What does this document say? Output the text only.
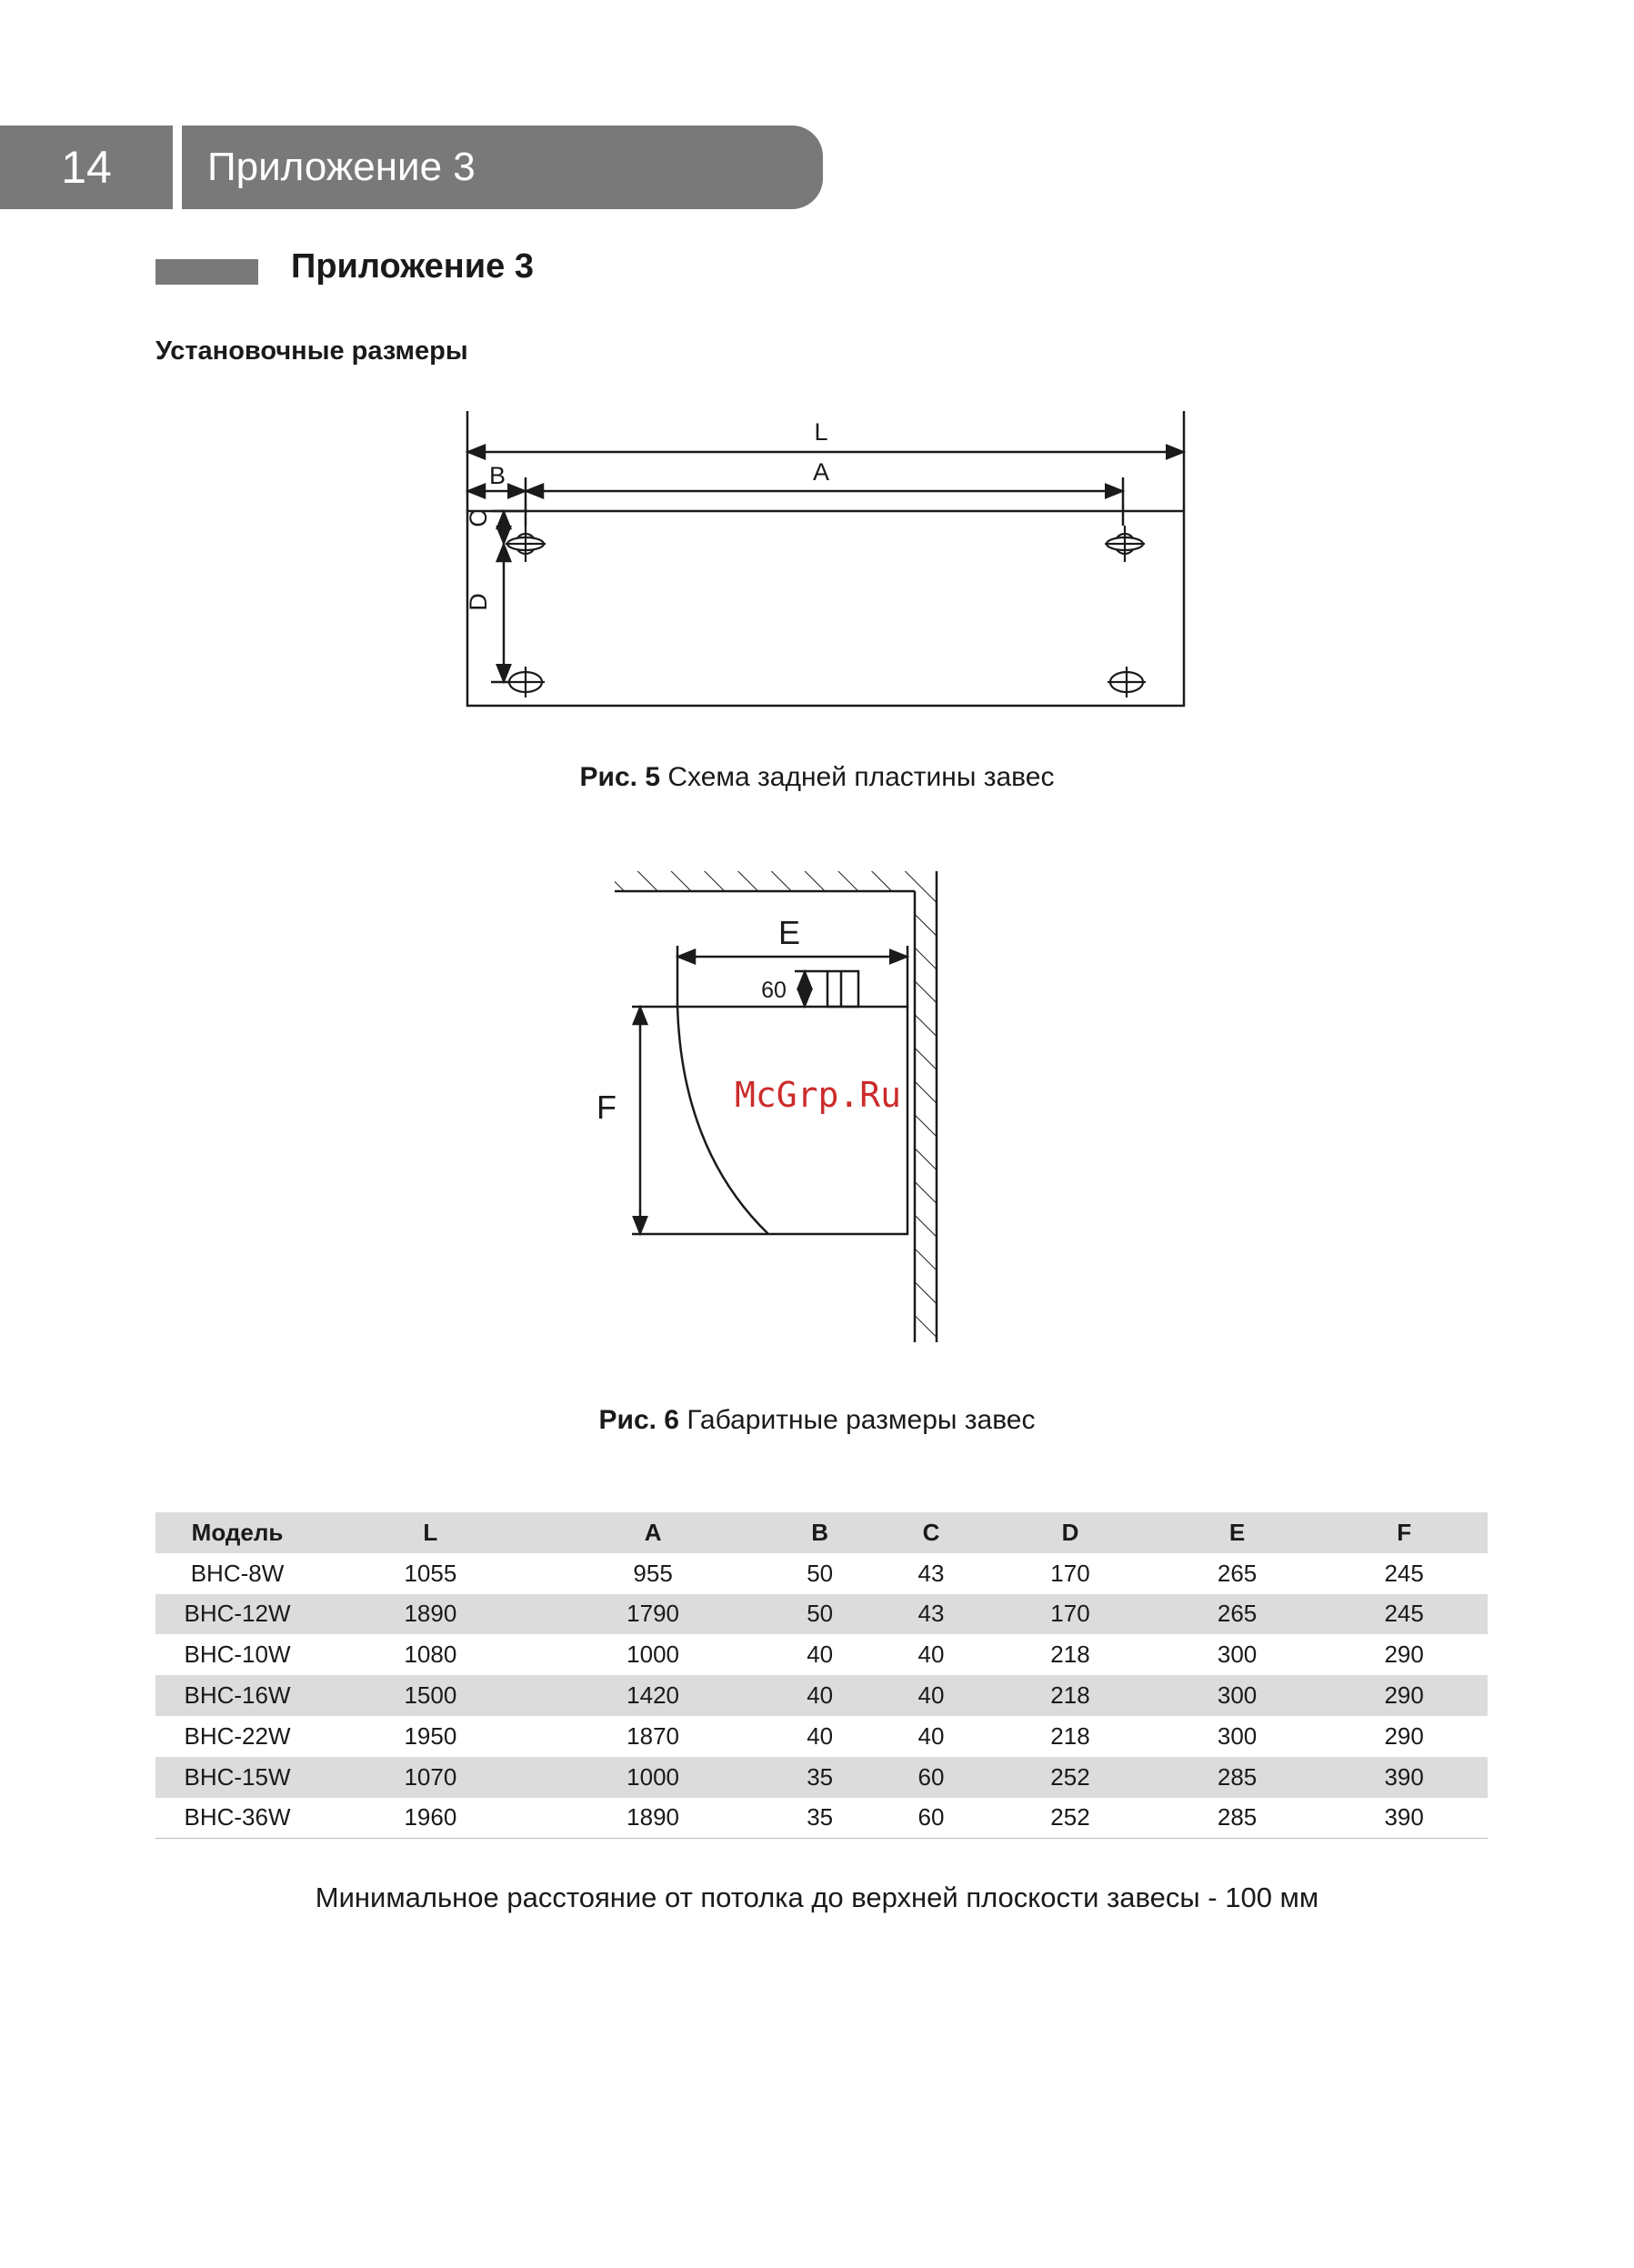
14	Приложение 3
Приложение 3
Установочные размеры
L
B	A
C
D
Рис. 5 Схема задней пластины завес
E
60
F	McGrp.Ru
Рис. 6 Габаритные размеры завес
Модель	L	A	B	C	D	E	F
BHC-8W	1055	955	50	43	170	265	245
BHC-12W	1890	1790	50	43	170	265	245
BHC-10W	1080	1000	40	40	218	300	290
BHC-16W	1500	1420	40	40	218	300	290
BHC-22W	1950	1870	40	40	218	300	290
BHC-15W	1070	1000	35	60	252	285	390
BHC-36W	1960	1890	35	60	252	285	390
Минимальное расстояние от потолка до верхней плоскости завесы - 100 мм
